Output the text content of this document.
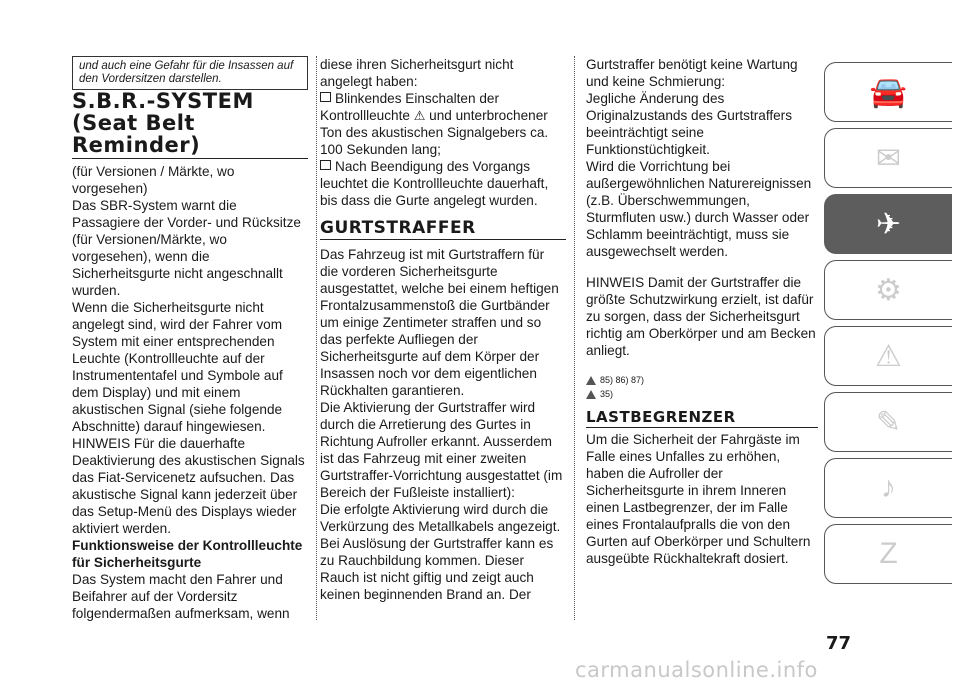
und auch eine Gefahr für die Insassen auf den Vordersitzen darstellen.

S.B.R.-SYSTEM
(Seat Belt
Reminder)

(für Versionen / Märkte, wo vorgesehen)

Das SBR-System warnt die Passagiere der Vorder- und Rücksitze (für Versionen/Märkte, wo vorgesehen), wenn die Sicherheitsgurte nicht angeschnallt wurden.

Wenn die Sicherheitsgurte nicht angelegt sind, wird der Fahrer vom System mit einer entsprechenden Leuchte (Kontrollleuchte auf der Instrumententafel und Symbole auf dem Display) und mit einem akustischen Signal (siehe folgende Abschnitte) darauf hingewiesen.

HINWEIS Für die dauerhafte Deaktivierung des akustischen Signals das Fiat-Servicenetz aufsuchen. Das akustische Signal kann jederzeit über das Setup-Menü des Displays wieder aktiviert werden.

Funktionsweise der Kontrollleuchte für Sicherheitsgurte

Das System macht den Fahrer und Beifahrer auf der Vordersitz folgendermaßen aufmerksam, wenn

diese ihren Sicherheitsgurt nicht angelegt haben:

Blinkendes Einschalten der Kontrollleuchte ⚠ und unterbrochener Ton des akustischen Signalgebers ca. 100 Sekunden lang;

Nach Beendigung des Vorgangs leuchtet die Kontrollleuchte dauerhaft, bis dass die Gurte angelegt wurden.

GURTSTRAFFER

Das Fahrzeug ist mit Gurtstraffern für die vorderen Sicherheitsgurte ausgestattet, welche bei einem heftigen Frontalzusammenstoß die Gurtbänder um einige Zentimeter straffen und so das perfekte Aufliegen der Sicherheitsgurte auf dem Körper der Insassen noch vor dem eigentlichen Rückhalten garantieren.

Die Aktivierung der Gurtstraffer wird durch die Arretierung des Gurtes in Richtung Aufroller erkannt. Ausserdem ist das Fahrzeug mit einer zweiten Gurtstraffer-Vorrichtung ausgestattet (im Bereich der Fußleiste installiert):

Die erfolgte Aktivierung wird durch die Verkürzung des Metallkabels angezeigt. Bei Auslösung der Gurtstraffer kann es zu Rauchbildung kommen. Dieser Rauch ist nicht giftig und zeigt auch keinen beginnenden Brand an. Der

Gurtstraffer benötigt keine Wartung und keine Schmierung:

Jegliche Änderung des Originalzustands des Gurtstraffers beeinträchtigt seine Funktionstüchtigkeit.

Wird die Vorrichtung bei außergewöhnlichen Naturereignissen (z.B. Überschwemmungen, Sturmfluten usw.) durch Wasser oder Schlamm beeinträchtigt, muss sie ausgewechselt werden.

HINWEIS Damit der Gurtstraffer die größte Schutzwirkung erzielt, ist dafür zu sorgen, dass der Sicherheitsgurt richtig am Oberkörper und am Becken anliegt.

85) 86) 87)
35)
LASTBEGRENZER

Um die Sicherheit der Fahrgäste im Falle eines Unfalles zu erhöhen, haben die Aufroller der Sicherheitsgurte in ihrem Inneren einen Lastbegrenzer, der im Falle eines Frontalaufpralls die von den Gurten auf Oberkörper und Schultern ausgeübte Rückhaltekraft dosiert.

🚘
✉
✈
⚙
⚠
✎
♪
Z
77
carmanualsonline.info
